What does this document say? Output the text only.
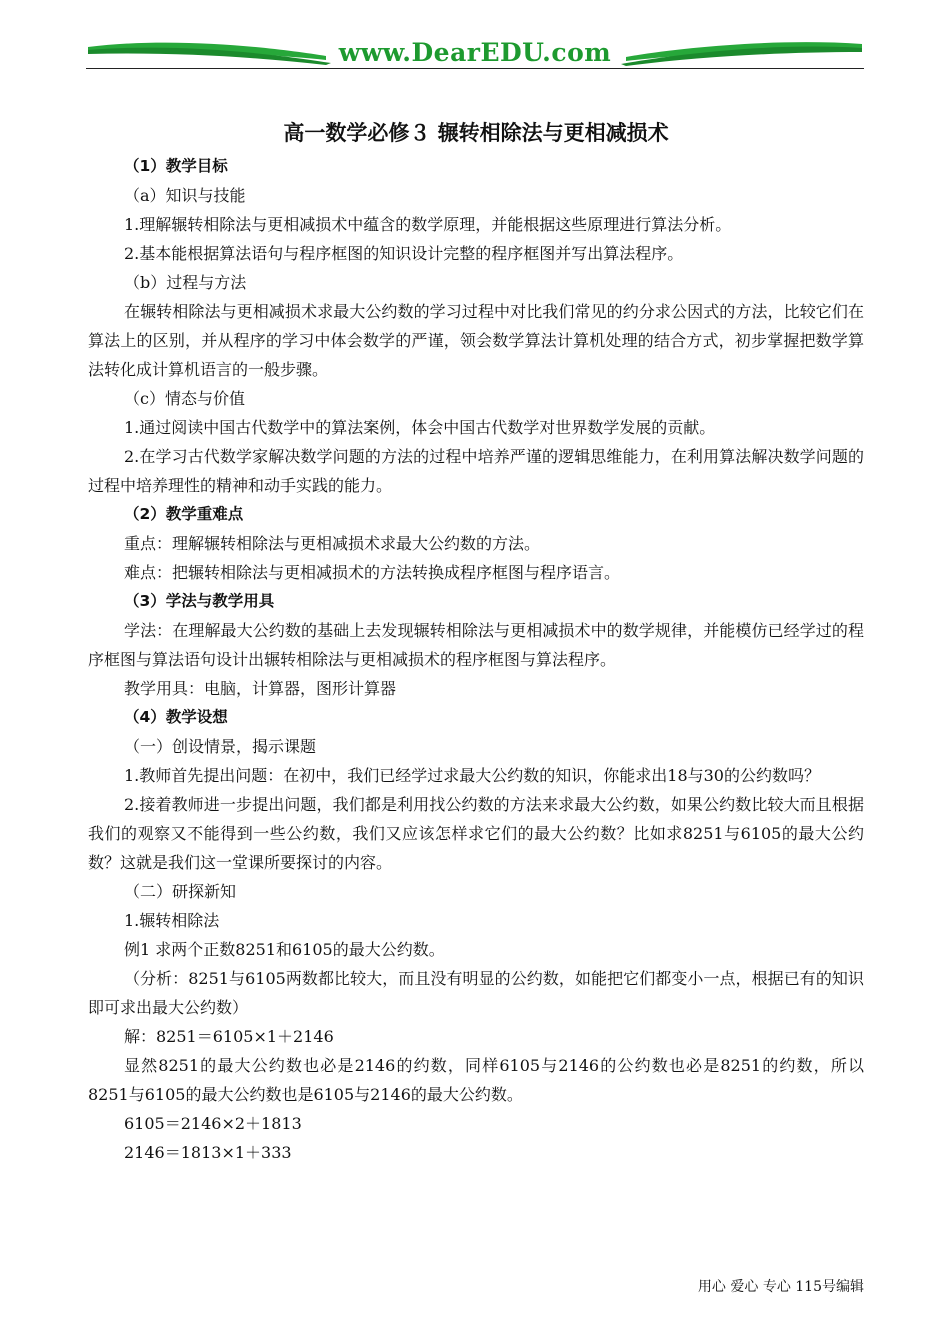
www.DearEDU.com

高一数学必修３ 辗转相除法与更相减损术

（1）教学目标

（a）知识与技能

1.理解辗转相除法与更相减损术中蕴含的数学原理，并能根据这些原理进行算法分析。

2.基本能根据算法语句与程序框图的知识设计完整的程序框图并写出算法程序。

（b）过程与方法

在辗转相除法与更相减损术求最大公约数的学习过程中对比我们常见的约分求公因式的方法，比较它们在算法上的区别，并从程序的学习中体会数学的严谨，领会数学算法计算机处理的结合方式，初步掌握把数学算法转化成计算机语言的一般步骤。

（c）情态与价值

1.通过阅读中国古代数学中的算法案例，体会中国古代数学对世界数学发展的贡献。

2.在学习古代数学家解决数学问题的方法的过程中培养严谨的逻辑思维能力，在利用算法解决数学问题的过程中培养理性的精神和动手实践的能力。

（2）教学重难点

重点：理解辗转相除法与更相减损术求最大公约数的方法。

难点：把辗转相除法与更相减损术的方法转换成程序框图与程序语言。

（3）学法与教学用具

学法：在理解最大公约数的基础上去发现辗转相除法与更相减损术中的数学规律，并能模仿已经学过的程序框图与算法语句设计出辗转相除法与更相减损术的程序框图与算法程序。

教学用具：电脑，计算器，图形计算器

（4）教学设想

（一）创设情景，揭示课题

1.教师首先提出问题：在初中，我们已经学过求最大公约数的知识，你能求出18与30的公约数吗？

2.接着教师进一步提出问题，我们都是利用找公约数的方法来求最大公约数，如果公约数比较大而且根据我们的观察又不能得到一些公约数，我们又应该怎样求它们的最大公约数？比如求8251与6105的最大公约数？这就是我们这一堂课所要探讨的内容。

（二）研探新知

1.辗转相除法

例1 求两个正数8251和6105的最大公约数。

（分析：8251与6105两数都比较大，而且没有明显的公约数，如能把它们都变小一点，根据已有的知识即可求出最大公约数）

解：8251＝6105×1＋2146

显然8251的最大公约数也必是2146的约数，同样6105与2146的公约数也必是8251的约数，所以8251与6105的最大公约数也是6105与2146的最大公约数。

6105＝2146×2＋1813

2146＝1813×1＋333

用心 爱心 专心 115号编辑
